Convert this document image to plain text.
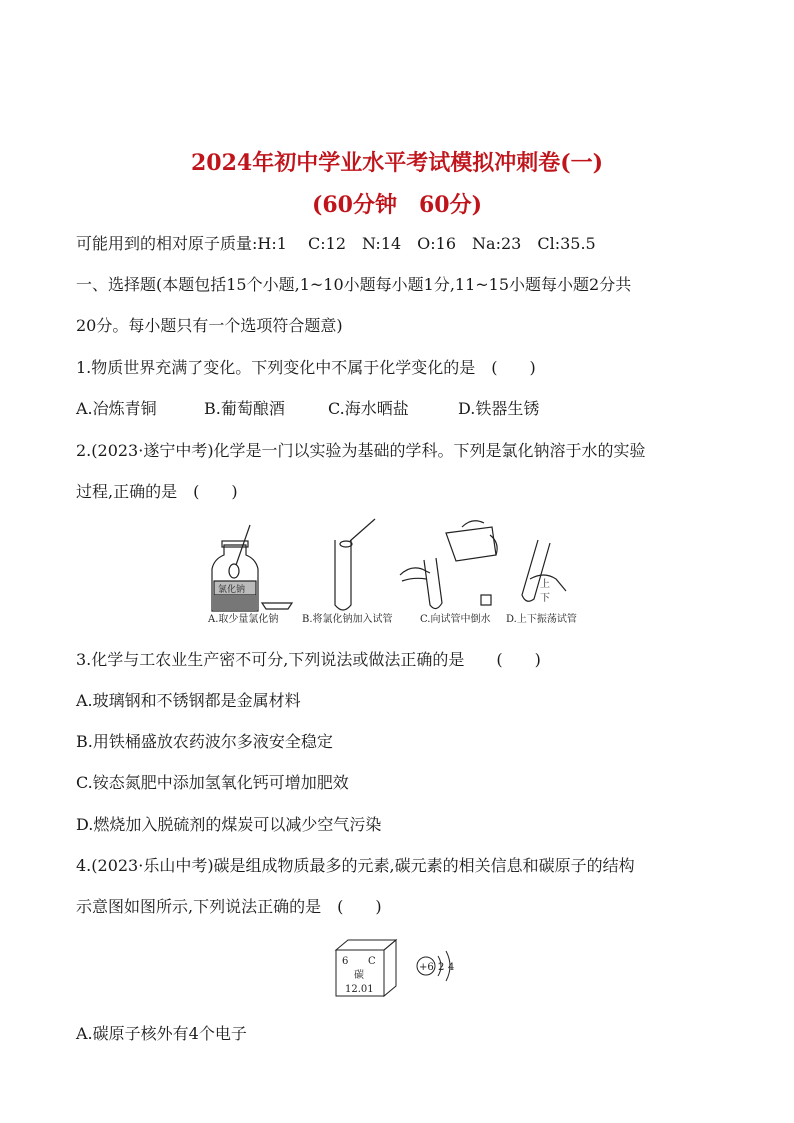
2024年初中学业水平考试模拟冲刺卷(一)
(60分钟　60分)
可能用到的相对原子质量:H:1　 C:12　N:14　O:16　Na:23　Cl:35.5
一、选择题(本题包括15个小题,1~10小题每小题1分,11~15小题每小题2分共
20分。每小题只有一个选项符合题意)
1.物质世界充满了变化。下列变化中不属于化学变化的是　(　　)
A.冶炼青铜	B.葡萄酿酒	C.海水晒盐	D.铁器生锈
2.(2023·遂宁中考)化学是一门以实验为基础的学科。下列是氯化钠溶于水的实验
过程,正确的是　(　　)
氯化钠	上
下
A.取少量氯化钠 B.将氯化钠加入试管	C.向试管中倒水 D.上下振荡试管
3.化学与工农业生产密不可分,下列说法或做法正确的是　　(　　)
A.玻璃钢和不锈钢都是金属材料
B.用铁桶盛放农药波尔多液安全稳定
C.铵态氮肥中添加氢氧化钙可增加肥效
D.燃烧加入脱硫剂的煤炭可以减少空气污染
4.(2023·乐山中考)碳是组成物质最多的元素,碳元素的相关信息和碳原子的结构
示意图如图所示,下列说法正确的是　(　　)
6 C
碳
12.01
+6 2 4
A.碳原子核外有4个电子
